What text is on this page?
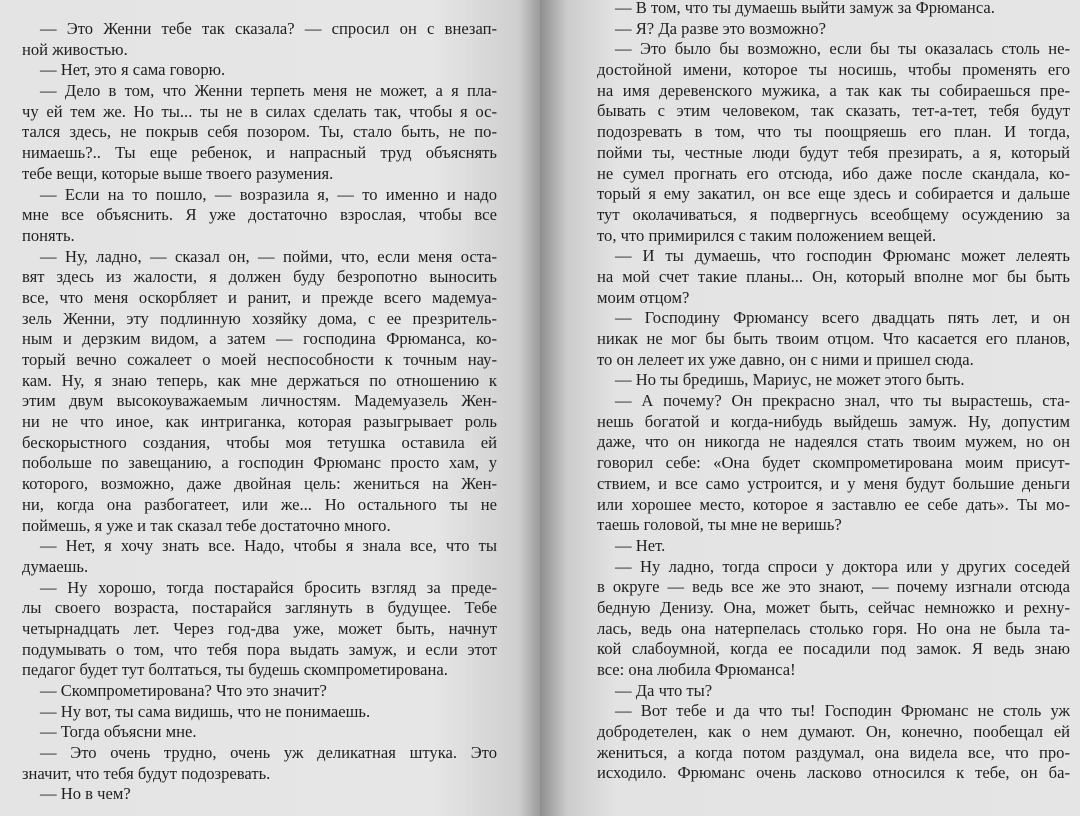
— Это Женни тебе так сказала? — спросил он с внезап-
ной живостью.
— Нет, это я сама говорю.
— Дело в том, что Женни терпеть меня не может, а я пла-
чу ей тем же. Но ты... ты не в силах сделать так, чтобы я ос-
тался здесь, не покрыв себя позором. Ты, стало быть, не по-
нимаешь?.. Ты еще ребенок, и напрасный труд объяснять
тебе вещи, которые выше твоего разумения.
— Если на то пошло, — возразила я, — то именно и надо
мне все объяснить. Я уже достаточно взрослая, чтобы все
понять.
— Ну, ладно, — сказал он, — пойми, что, если меня остa-
вят здесь из жалости, я должен буду безропотно выносить
все, что меня оскорбляет и ранит, и прежде всего мадемуа-
зель Женни, эту подлинную хозяйку дома, с ее презритель-
ным и дерзким видом, а затем — господина Фрюманса, ко-
торый вечно сожалеет о моей неспособности к точным нау-
кам. Ну, я знаю теперь, как мне держаться по отношению к
этим двум высокоуважаемым личностям. Мадемуазель Жен-
ни не что иное, как интриганка, которая разыгрывает роль
бескорыстного создания, чтобы моя тетушка оставила ей
побольше по завещанию, а господин Фрюманс просто хам, у
которого, возможно, даже двойная цель: жениться на Жен-
ни, когда она разбогатеет, или же... Но остального ты не
поймешь, я уже и так сказал тебе достаточно много.
— Нет, я хочу знать все. Надо, чтобы я знала все, что ты
думаешь.
— Ну хорошо, тогда постарайся бросить взгляд за преде-
лы своего возраста, постарайся заглянуть в будущее. Тебе
четырнадцать лет. Через год-два уже, может быть, начнут
подумывать о том, что тебя пора выдать замуж, и если этот
педагог будет тут болтаться, ты будешь скомпрометирована.
— Скомпрометирована? Что это значит?
— Ну вот, ты сама видишь, что не понимаешь.
— Тогда объясни мне.
— Это очень трудно, очень уж деликатная штука. Это
значит, что тебя будут подозревать.
— Но в чем?
— В том, что ты думаешь выйти замуж за Фрюманса.
— Я? Да разве это возможно?
— Это было бы возможно, если бы ты оказалась столь не-
достойной имени, которое ты носишь, чтобы променять его
на имя деревенского мужика, а так как ты собираешься пре-
бывать с этим человеком, так сказать, тет-а-тет, тебя будут
подозревать в том, что ты поощряешь его план. И тогда,
пойми ты, честные люди будут тебя презирать, а я, который
не сумел прогнать его отсюда, ибо даже после скандала, ко-
торый я ему закатил, он все еще здесь и собирается и дальше
тут околачиваться, я подвергнусь всеобщему осуждению за
то, что примирился с таким положением вещей.
— И ты думаешь, что господин Фрюманс может лелеять
на мой счет такие планы... Он, который вполне мог бы быть
моим отцом?
— Господину Фрюмансу всего двадцать пять лет, и он
никак не мог бы быть твоим отцом. Что касается его планов,
то он лелеет их уже давно, он с ними и пришел сюда.
— Но ты бредишь, Мариус, не может этого быть.
— А почему? Он прекрасно знал, что ты вырастешь, ста-
нешь богатой и когда-нибудь выйдешь замуж. Ну, допустим
даже, что он никогда не надеялся стать твоим мужем, но он
говорил себе: «Она будет скомпрометирована моим присут-
ствием, и все само устроится, и у меня будут большие деньги
или хорошее место, которое я заставлю ее себе дать». Ты мо-
таешь головой, ты мне не веришь?
— Нет.
— Ну ладно, тогда спроси у доктора или у других соседей
в округе — ведь все же это знают, — почему изгнали отсюда
бедную Денизу. Она, может быть, сейчас немножко и рехну-
лась, ведь она натерпелась столько горя. Но она не была та-
кой слабоумной, когда ее посадили под замок. Я ведь знаю
все: она любила Фрюманса!
— Да что ты?
— Вот тебе и да что ты! Господин Фрюманс не столь уж
добродетелен, как о нем думают. Он, конечно, пообещал ей
жениться, а когда потом раздумал, она видела все, что про-
исходило. Фрюманс очень ласково относился к тебе, он ба-
